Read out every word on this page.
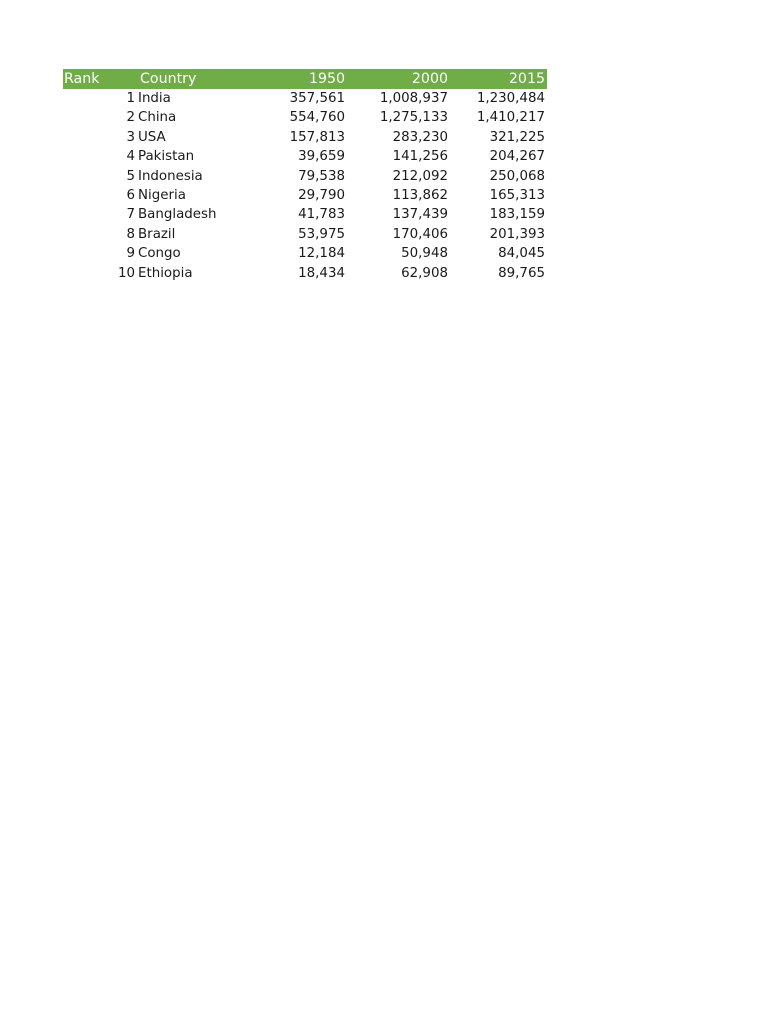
Rank	Country	1950	2000	2015
1 India	357,561	1,008,937	1,230,484
2 China	554,760	1,275,133	1,410,217
3 USA	157,813	283,230	321,225
4 Pakistan	39,659	141,256	204,267
5 Indonesia	79,538	212,092	250,068
6 Nigeria	29,790	113,862	165,313
7 Bangladesh	41,783	137,439	183,159
8 Brazil	53,975	170,406	201,393
9 Congo	12,184	50,948	84,045
10 Ethiopia	18,434	62,908	89,765
